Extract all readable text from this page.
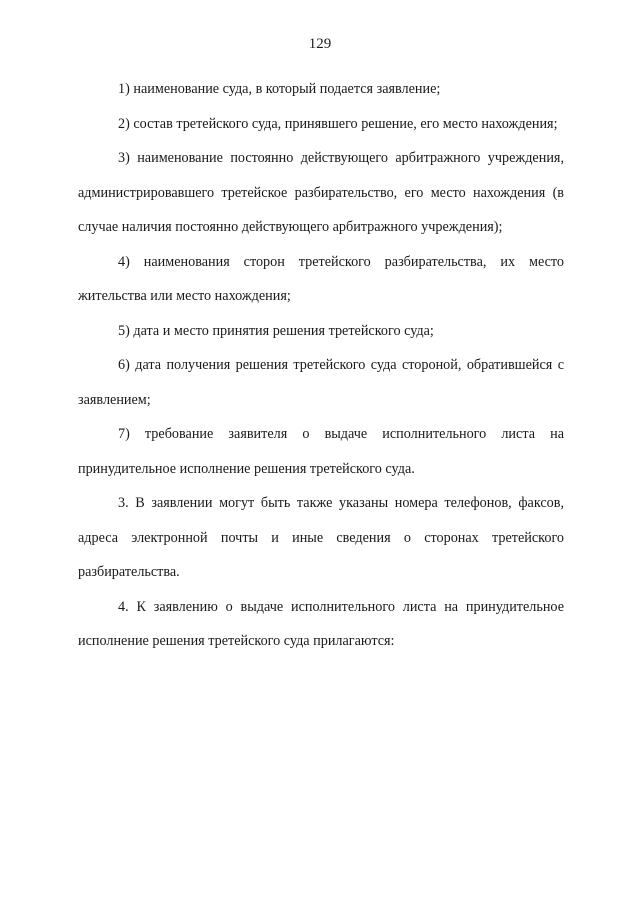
129

1) наименование суда, в который подается заявление;

2) состав третейского суда, принявшего решение, его место нахождения;

3) наименование постоянно действующего арбитражного учреждения, администрировавшего третейское разбирательство, его место нахождения (в случае наличия постоянно действующего арбитражного учреждения);

4) наименования сторон третейского разбирательства, их место жительства или место нахождения;

5) дата и место принятия решения третейского суда;

6) дата получения решения третейского суда стороной, обратившейся с заявлением;

7) требование заявителя о выдаче исполнительного листа на принудительное исполнение решения третейского суда.

3. В заявлении могут быть также указаны номера телефонов, факсов, адреса электронной почты и иные сведения о сторонах третейского разбирательства.

4. К заявлению о выдаче исполнительного листа на принудительное исполнение решения третейского суда прилагаются:
